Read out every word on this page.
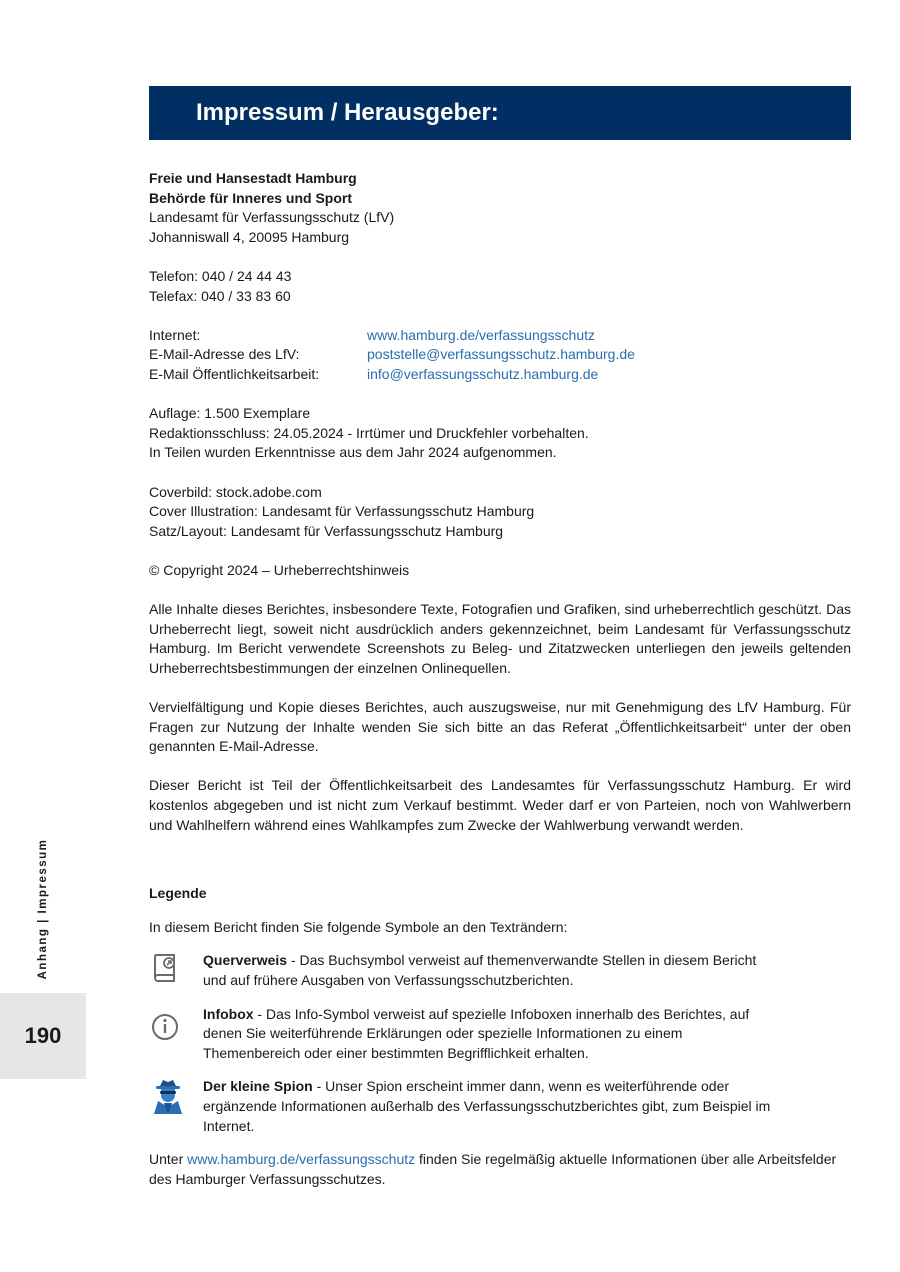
Impressum / Herausgeber:
Freie und Hansestadt Hamburg
Behörde für Inneres und Sport
Landesamt für Verfassungsschutz (LfV)
Johanniswall 4, 20095 Hamburg
Telefon: 040 / 24 44 43
Telefax: 040 / 33 83 60
Internet:	www.hamburg.de/verfassungsschutz
E-Mail-Adresse des LfV:	poststelle@verfassungsschutz.hamburg.de
E-Mail Öffentlichkeitsarbeit:	info@verfassungsschutz.hamburg.de
Auflage: 1.500 Exemplare
Redaktionsschluss: 24.05.2024 - Irrtümer und Druckfehler vorbehalten.
In Teilen wurden Erkenntnisse aus dem Jahr 2024 aufgenommen.
Coverbild: stock.adobe.com
Cover Illustration: Landesamt für Verfassungsschutz Hamburg
Satz/Layout: Landesamt für Verfassungsschutz Hamburg
© Copyright 2024 – Urheberrechtshinweis

Alle Inhalte dieses Berichtes, insbesondere Texte, Fotografien und Grafiken, sind urheberrechtlich geschützt. Das Urheberrecht liegt, soweit nicht ausdrücklich anders gekennzeichnet, beim Landesamt für Verfassungsschutz Hamburg. Im Bericht verwendete Screenshots zu Beleg- und Zitatzwecken unterliegen den jeweils geltenden Urheberrechtsbestimmungen der einzelnen Onlinequellen.

Vervielfältigung und Kopie dieses Berichtes, auch auszugsweise, nur mit Genehmigung des LfV Hamburg. Für Fragen zur Nutzung der Inhalte wenden Sie sich bitte an das Referat „Öffentlichkeitsarbeit“ unter der oben genannten E-Mail-Adresse.

Dieser Bericht ist Teil der Öffentlichkeitsarbeit des Landesamtes für Verfassungsschutz Hamburg. Er wird kostenlos abgegeben und ist nicht zum Verkauf bestimmt. Weder darf er von Parteien, noch von Wahlwerbern und Wahlhelfern während eines Wahlkampfes zum Zwecke der Wahlwerbung verwandt werden.

Legende
In diesem Bericht finden Sie folgende Symbole an den Texträndern:
Querverweis - Das Buchsymbol verweist auf themenverwandte Stellen in diesem Bericht und auf frühere Ausgaben von Verfassungsschutzberichten.
Infobox - Das Info-Symbol verweist auf spezielle Infoboxen innerhalb des Berichtes, auf denen Sie weiterführende Erklärungen oder spezielle Informationen zu einem Themenbereich oder einer bestimmten Begrifflichkeit erhalten.
Der kleine Spion - Unser Spion erscheint immer dann, wenn es weiterführende oder ergänzende Informationen außerhalb des Verfassungsschutzberichtes gibt, zum Beispiel im Internet.
Unter www.hamburg.de/verfassungsschutz finden Sie regelmäßig aktuelle Informationen über alle Arbeitsfelder des Hamburger Verfassungsschutzes.
Anhang | Impressum
190
